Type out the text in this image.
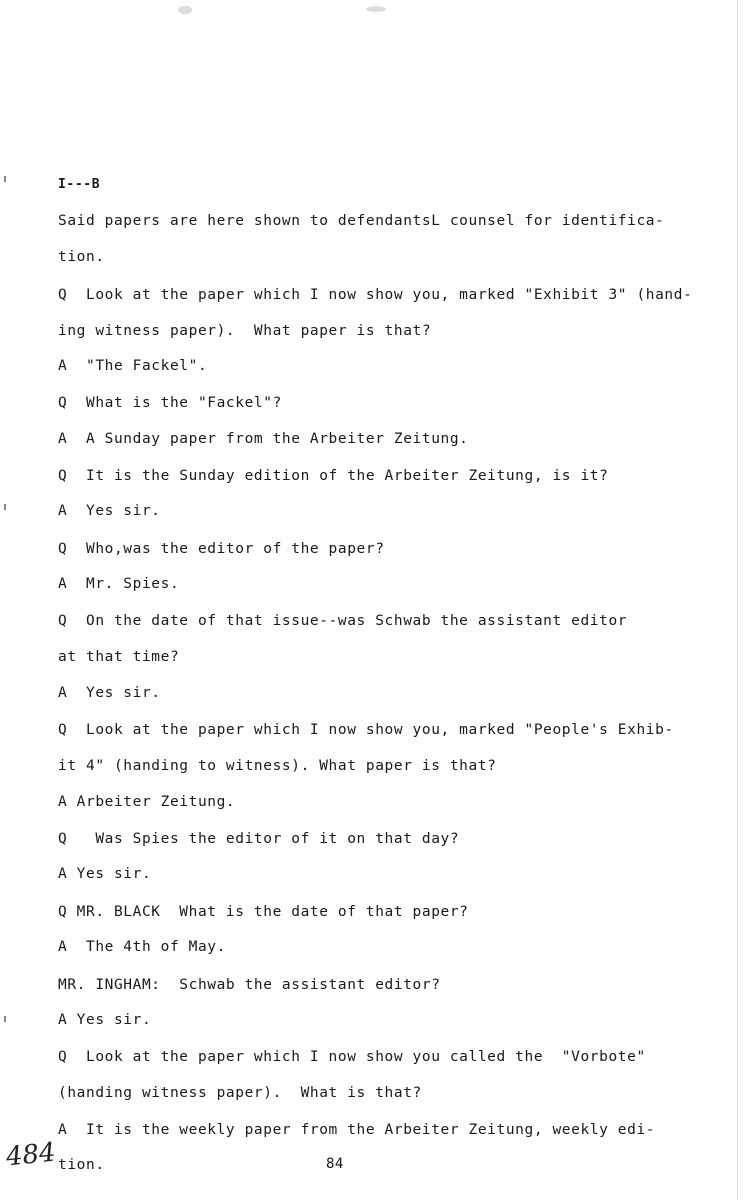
I---B
Said papers are here shown to defendantsL counsel for identifica-
tion.
Q  Look at the paper which I now show you, marked "Exhibit 3" (hand-
ing witness paper).  What paper is that?
A  "The Fackel".
Q  What is the "Fackel"?
A  A Sunday paper from the Arbeiter Zeitung.
Q  It is the Sunday edition of the Arbeiter Zeitung, is it?
A  Yes sir.
Q  Who,was the editor of the paper?
A  Mr. Spies.
Q  On the date of that issue--was Schwab the assistant editor
at that time?
A  Yes sir.
Q  Look at the paper which I now show you, marked "People's Exhib-
it 4" (handing to witness). What paper is that?
A Arbeiter Zeitung.
Q   Was Spies the editor of it on that day?
A Yes sir.
Q MR. BLACK  What is the date of that paper?
A  The 4th of May.
MR. INGHAM:  Schwab the assistant editor?
A Yes sir.
Q  Look at the paper which I now show you called the  "Vorbote"
(handing witness paper).  What is that?
A  It is the weekly paper from the Arbeiter Zeitung, weekly edi-
tion.
484	84
